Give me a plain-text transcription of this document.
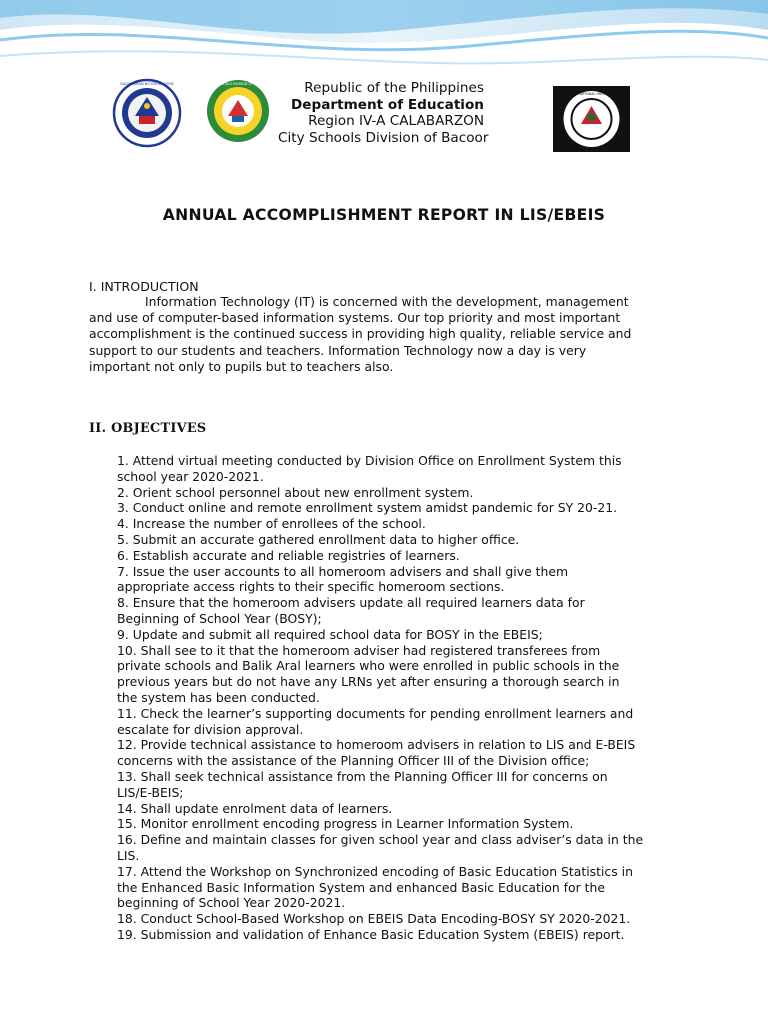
KAGAWARAN NG EDUKASYON	CITY SCHOOLS DIVISION OF BACOOR	Republic of the Philippines
Department of Education
Region IV-A CALABARZON
City Schools Division of Bacoor
BACOOR NATIONAL HIGH SCHOOL
ANNUAL ACCOMPLISHMENT REPORT IN LIS/EBEIS
I. INTRODUCTION
Information Technology (IT) is concerned with the development, management
and use of computer-based information systems. Our top priority and most important
accomplishment is the continued success in providing high quality, reliable service and
support to our students and teachers. Information Technology now a day is very
important not only to pupils but to teachers also.
II. OBJECTIVES
1. Attend virtual meeting conducted by Division Office on Enrollment System this
school year 2020-2021.
2. Orient school personnel about new enrollment system.
3. Conduct online and remote enrollment system amidst pandemic for SY 20-21.
4. Increase the number of enrollees of the school.
5. Submit an accurate gathered enrollment data to higher office.
6. Establish accurate and reliable registries of learners.
7. Issue the user accounts to all homeroom advisers and shall give them
appropriate access rights to their specific homeroom sections.
8. Ensure that the homeroom advisers update all required learners data for
Beginning of School Year (BOSY);
9. Update and submit all required school data for BOSY in the EBEIS;
10. Shall see to it that the homeroom adviser had registered transferees from
private schools and Balik Aral learners who were enrolled in public schools in the
previous years but do not have any LRNs yet after ensuring a thorough search in
the system has been conducted.
11. Check the learner’s supporting documents for pending enrollment learners and
escalate for division approval.
12. Provide technical assistance to homeroom advisers in relation to LIS and E-BEIS
concerns with the assistance of the Planning Officer III of the Division office;
13. Shall seek technical assistance from the Planning Officer III for concerns on
LIS/E-BEIS;
14. Shall update enrolment data of learners.
15. Monitor enrollment encoding progress in Learner Information System.
16. Define and maintain classes for given school year and class adviser’s data in the
LIS.
17. Attend the Workshop on Synchronized encoding of Basic Education Statistics in
the Enhanced Basic Information System and enhanced Basic Education for the
beginning of School Year 2020-2021.
18. Conduct School-Based Workshop on EBEIS Data Encoding-BOSY SY 2020-2021.
19. Submission and validation of Enhance Basic Education System (EBEIS) report.
